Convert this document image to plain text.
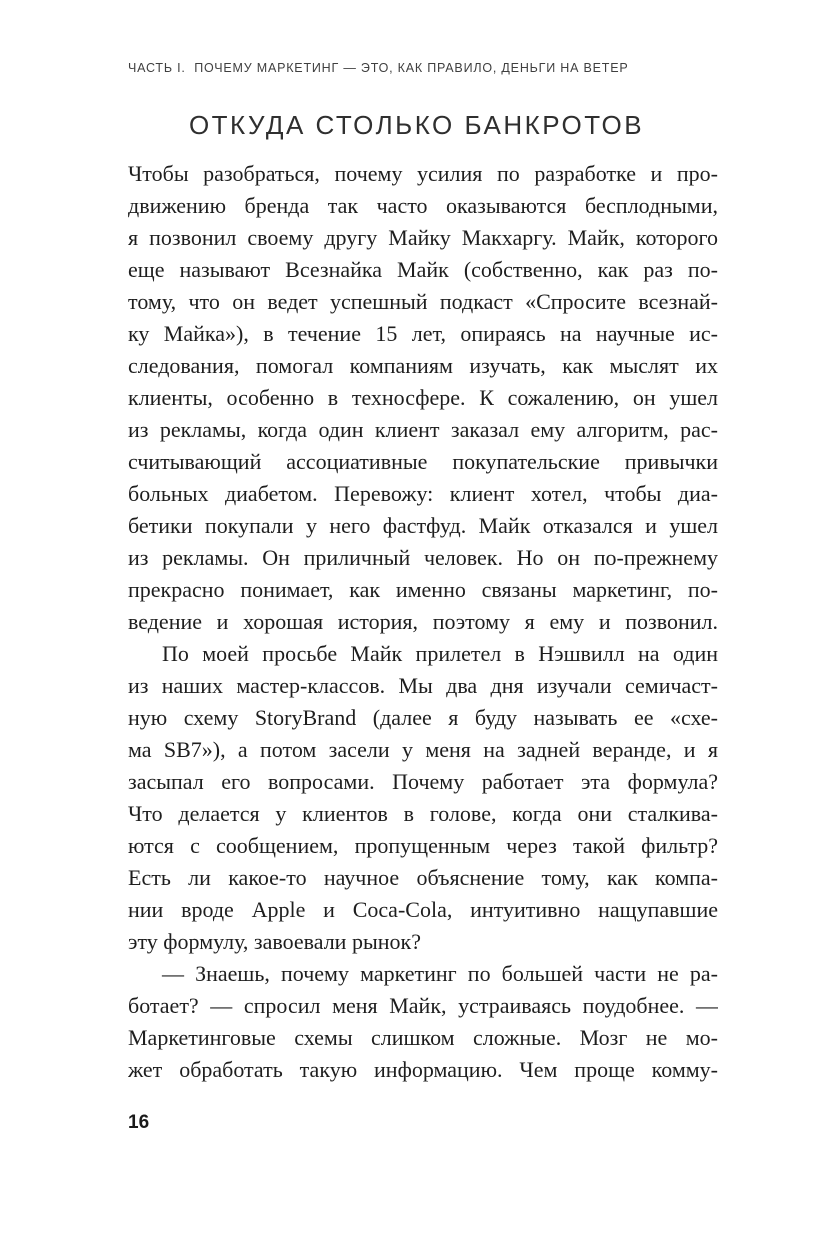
ЧАСТЬ I.  ПОЧЕМУ МАРКЕТИНГ — ЭТО, КАК ПРАВИЛО, ДЕНЬГИ НА ВЕТЕР
ОТКУДА СТОЛЬКО БАНКРОТОВ
Чтобы разобраться, почему усилия по разработке и про-
движению бренда так часто оказываются бесплодными,
я позвонил своему другу Майку Макхаргу. Майк, которого
еще называют Всезнайка Майк (собственно, как раз по-
тому, что он ведет успешный подкаст «Спросите всезнай-
ку Майка»), в течение 15 лет, опираясь на научные ис-
следования, помогал компаниям изучать, как мыслят их
клиенты, особенно в техносфере. К сожалению, он ушел
из рекламы, когда один клиент заказал ему алгоритм, рас-
считывающий ассоциативные покупательские привычки
больных диабетом. Перевожу: клиент хотел, чтобы диа-
бетики покупали у него фастфуд. Майк отказался и ушел
из рекламы. Он приличный человек. Но он по-прежнему
прекрасно понимает, как именно связаны маркетинг, по-
ведение и хорошая история, поэтому я ему и позвонил.
По моей просьбе Майк прилетел в Нэшвилл на один
из наших мастер-классов. Мы два дня изучали семичаст-
ную схему StoryBrand (далее я буду называть ее «схе-
ма SB7»), а потом засели у меня на задней веранде, и я
засыпал его вопросами. Почему работает эта формула?
Что делается у клиентов в голове, когда они сталкива-
ются с сообщением, пропущенным через такой фильтр?
Есть ли какое-то научное объяснение тому, как компа-
нии вроде Apple и Coca-Cola, интуитивно нащупавшие
эту формулу, завоевали рынок?
— Знаешь, почему маркетинг по большей части не ра-
ботает? — спросил меня Майк, устраиваясь поудобнее. —
Маркетинговые схемы слишком сложные. Мозг не мо-
жет обработать такую информацию. Чем проще комму-
16
